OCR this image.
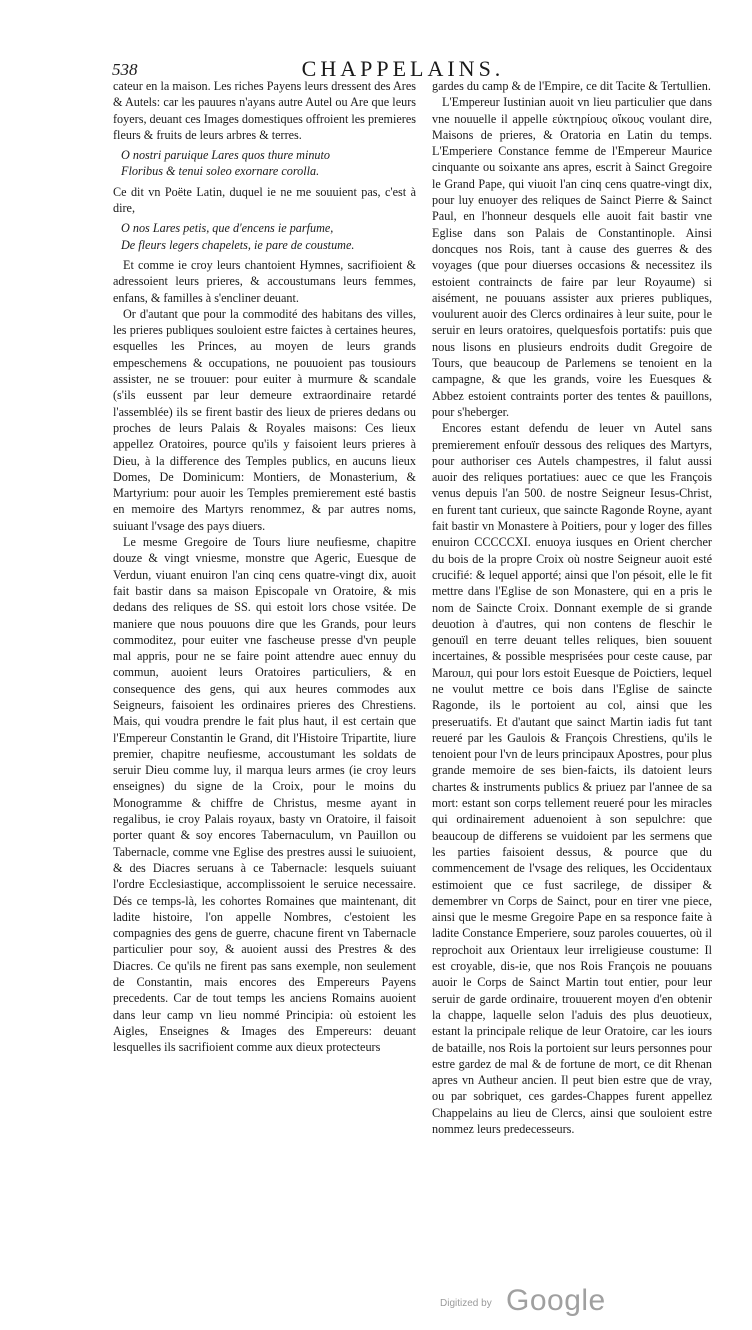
538	CHAPPELAINS.

cateur en la maison. Les riches Payens leurs dressent des Ares & Autels: car les pauures n'ayans autre Autel ou Are que leurs foyers, deuant ces Images domestiques offroient les premieres fleurs & fruits de leurs arbres & terres.

O nostri paruique Lares quos thure minuto
Floribus & tenui soleo exornare corolla.

Ce dit vn Poëte Latin, duquel ie ne me souuient pas, c'est à dire,

O nos Lares petis, que d'encens ie parfume,
De fleurs legers chapelets, ie pare de coustume.

Et comme ie croy leurs chantoient Hymnes, sacrifioient & adressoient leurs prieres, & accoustumans leurs femmes, enfans, & familles à s'encliner deuant.

Or d'autant que pour la commodité des habitans des villes, les prieres publiques souloient estre faictes à certaines heures, esquelles les Princes, au moyen de leurs grands empeschemens & occupations, ne pouuoient pas tousiours assister, ne se trouuer: pour euiter à murmure & scandale (s'ils eussent par leur demeure extraordinaire retardé l'assemblée) ils se firent bastir des lieux de prieres dedans ou proches de leurs Palais & Royales maisons: Ces lieux appellez Oratoires, pource qu'ils y faisoient leurs prieres à Dieu, à la difference des Temples publics, en aucuns lieux Domes, De Dominicum: Montiers, de Monasterium, & Martyrium: pour auoir les Temples premierement esté bastis en memoire des Martyrs renommez, & par autres noms, suiuant l'vsage des pays diuers.

Le mesme Gregoire de Tours liure neufiesme, chapitre douze & vingt vniesme, monstre que Ageric, Euesque de Verdun, viuant enuiron l'an cinq cens quatre-vingt dix, auoit fait bastir dans sa maison Episcopale vn Oratoire, & mis dedans des reliques de SS. qui estoit lors chose vsitée. De maniere que nous pouuons dire que les Grands, pour leurs commoditez, pour euiter vne fascheuse presse d'vn peuple mal appris, pour ne se faire point attendre auec ennuy du commun, auoient leurs Oratoires particuliers, & en consequence des gens, qui aux heures commodes aux Seigneurs, faisoient les ordinaires prieres des Chrestiens. Mais, qui voudra prendre le fait plus haut, il est certain que l'Empereur Constantin le Grand, dit l'Histoire Tripartite, liure premier, chapitre neufiesme, accoustumant les soldats de seruir Dieu comme luy, il marqua leurs armes (ie croy leurs enseignes) du signe de la Croix, pour le moins du Monogramme & chiffre de Christus, mesme ayant in regalibus, ie croy Palais royaux, basty vn Oratoire, il faisoit porter quant & soy encores Tabernaculum, vn Pauillon ou Tabernacle, comme vne Eglise des prestres aussi le suiuoient, & des Diacres seruans à ce Tabernacle: lesquels suiuant l'ordre Ecclesiastique, accomplissoient le seruice necessaire. Dés ce temps-là, les cohortes Romaines que maintenant, dit ladite histoire, l'on appelle Nombres, c'estoient les compagnies des gens de guerre, chacune firent vn Tabernacle particulier pour soy, & auoient aussi des Prestres & des Diacres. Ce qu'ils ne firent pas sans exemple, non seulement de Constantin, mais encores des Empereurs Payens precedents. Car de tout temps les anciens Romains auoient dans leur camp vn lieu nommé Principia: où estoient les Aigles, Enseignes & Images des Empereurs: deuant lesquelles ils sacrifioient comme aux dieux protecteurs

gardes du camp & de l'Empire, ce dit Tacite & Tertullien.

L'Empereur Iustinian auoit vn lieu particulier que dans vne nouuelle il appelle εὐκτηρίους οἴκους voulant dire, Maisons de prieres, & Oratoria en Latin du temps. L'Emperiere Constance femme de l'Empereur Maurice cinquante ou soixante ans apres, escrit à Sainct Gregoire le Grand Pape, qui viuoit l'an cinq cens quatre-vingt dix, pour luy enuoyer des reliques de Sainct Pierre & Sainct Paul, en l'honneur desquels elle auoit fait bastir vne Eglise dans son Palais de Constantinople. Ainsi doncques nos Rois, tant à cause des guerres & des voyages (que pour diuerses occasions & necessitez ils estoient contraincts de faire par leur Royaume) si aisément, ne pouuans assister aux prieres publiques, voulurent auoir des Clercs ordinaires à leur suite, pour le seruir en leurs oratoires, quelquesfois portatifs: puis que nous lisons en plusieurs endroits dudit Gregoire de Tours, que beaucoup de Parlemens se tenoient en la campagne, & que les grands, voire les Euesques & Abbez estoient contraints porter des tentes & pauillons, pour s'heberger.

Encores estant defendu de leuer vn Autel sans premierement enfouïr dessous des reliques des Martyrs, pour authoriser ces Autels champestres, il falut aussi auoir des reliques portatiues: auec ce que les François venus depuis l'an 500. de nostre Seigneur Iesus-Christ, en furent tant curieux, que saincte Ragonde Royne, ayant fait bastir vn Monastere à Poitiers, pour y loger des filles enuiron CCCCCXI. enuoya iusques en Orient chercher du bois de la propre Croix où nostre Seigneur auoit esté crucifié: & lequel apporté; ainsi que l'on pésoit, elle le fit mettre dans l'Eglise de son Monastere, qui en a pris le nom de Saincte Croix. Donnant exemple de si grande deuotion à d'autres, qui non contens de fleschir le genouïl en terre deuant telles reliques, bien souuent incertaines, & possible mesprisées pour ceste cause, par Marouл, qui pour lors estoit Euesque de Poictiers, lequel ne voulut mettre ce bois dans l'Eglise de saincte Ragonde, ils le portoient au col, ainsi que les preseruatifs. Et d'autant que sainct Martin iadis fut tant reueré par les Gaulois & François Chrestiens, qu'ils le tenoient pour l'vn de leurs principaux Apostres, pour plus grande memoire de ses bien-faicts, ils datoient leurs chartes & instruments publics & priuez par l'annee de sa mort: estant son corps tellement reueré pour les miracles qui ordinairement aduenoient à son sepulchre: que beaucoup de differens se vuidoient par les sermens que les parties faisoient dessus, & pource que du commencement de l'vsage des reliques, les Occidentaux estimoient que ce fust sacrilege, de dissiper & demembrer vn Corps de Sainct, pour en tirer vne piece, ainsi que le mesme Gregoire Pape en sa responce faite à ladite Constance Emperiere, souz paroles couuertes, où il reprochoit aux Orientaux leur irreligieuse coustume: Il est croyable, dis-ie, que nos Rois François ne pouuans auoir le Corps de Sainct Martin tout entier, pour leur seruir de garde ordinaire, trouuerent moyen d'en obtenir la chappe, laquelle selon l'aduis des plus deuotieux, estant la principale relique de leur Oratoire, car les iours de bataille, nos Rois la portoient sur leurs personnes pour estre gardez de mal & de fortune de mort, ce dit Rhenan apres vn Autheur ancien. Il peut bien estre que de vray, ou par sobriquet, ces gardes-Chappes furent appellez Chappelains au lieu de Clercs, ainsi que souloient estre nommez leurs predecesseurs.

Digitized by Google
